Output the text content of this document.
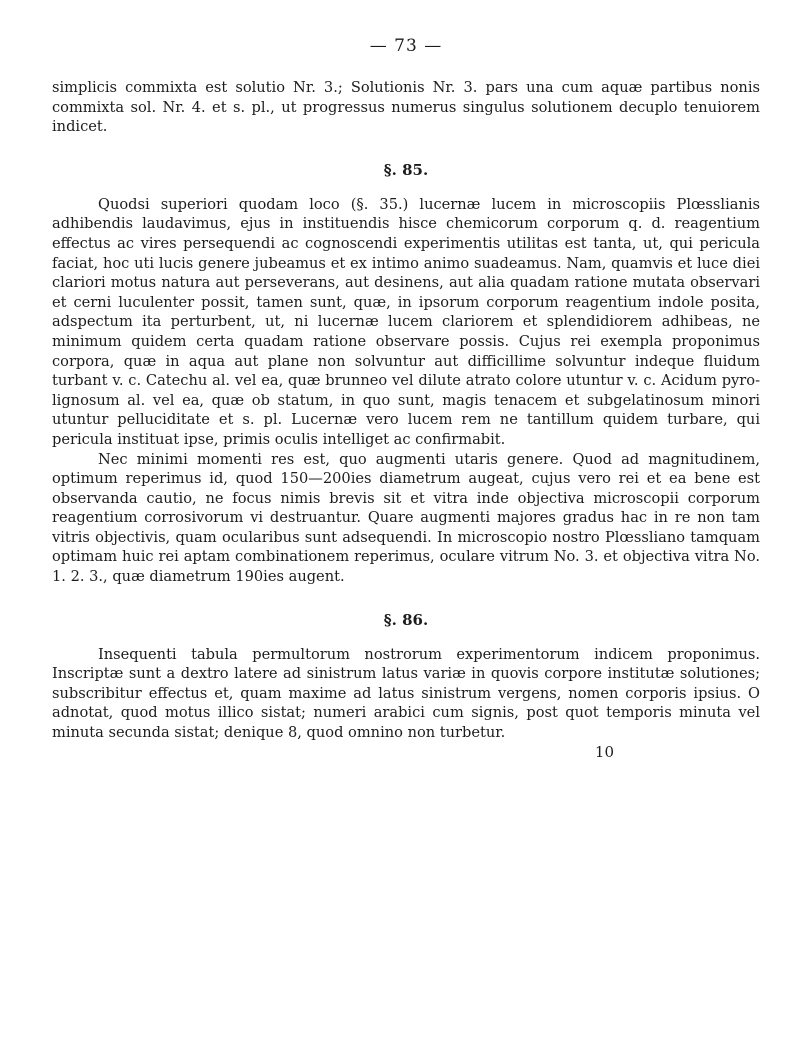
— 73 —

simplicis commixta est solutio Nr. 3.; Solutionis Nr. 3. pars una cum aquæ partibus nonis commixta sol. Nr. 4. et s. pl., ut progressus numerus singulus solutionem decuplo tenuiorem indicet.

§. 85.

Quodsi superiori quodam loco (§. 35.) lucernæ lucem in microscopiis Plœsslianis adhibendis laudavimus, ejus in instituendis hisce chemicorum corporum q. d. reagentium effectus ac vires persequendi ac cognoscendi experimentis utilitas est tanta, ut, qui pericula faciat, hoc uti lucis genere jubeamus et ex intimo animo suadeamus. Nam, quamvis et luce diei clariori motus natura aut perseverans, aut desinens, aut alia quadam ratione mutata observari et cerni luculenter possit, tamen sunt, quæ, in ipsorum corporum reagentium indole posita, adspectum ita perturbent, ut, ni lucernæ lucem clariorem et splendidiorem adhibeas, ne minimum quidem certa quadam ratione observare possis. Cujus rei exempla proponimus corpora, quæ in aqua aut plane non solvuntur aut difficillime solvuntur indeque fluidum turbant v. c. Catechu al. vel ea, quæ brunneo vel dilute atrato colore utuntur v. c. Acidum pyro-lignosum al. vel ea, quæ ob statum, in quo sunt, magis tenacem et subgelatinosum minori utuntur pelluciditate et s. pl. Lucernæ vero lucem rem ne tantillum quidem turbare, qui pericula instituat ipse, primis oculis intelliget ac confirmabit.

Nec minimi momenti res est, quo augmenti utaris genere. Quod ad magnitudinem, optimum reperimus id, quod 150—200ies diametrum augeat, cujus vero rei et ea bene est observanda cautio, ne focus nimis brevis sit et vitra inde objectiva microscopii corporum reagentium corrosivorum vi destruantur. Quare augmenti majores gradus hac in re non tam vitris objectivis, quam ocularibus sunt adsequendi. In microscopio nostro Plœssliano tamquam optimam huic rei aptam combinationem reperimus, oculare vitrum No. 3. et objectiva vitra No. 1. 2. 3., quæ diametrum 190ies augent.

§. 86.

Insequenti tabula permultorum nostrorum experimentorum indicem proponimus. Inscriptæ sunt a dextro latere ad sinistrum latus variæ in quovis corpore institutæ solutiones; subscribitur effectus et, quam maxime ad latus sinistrum vergens, nomen corporis ipsius. O adnotat, quod motus illico sistat; numeri arabici cum signis, post quot temporis minuta vel minuta secunda sistat; denique 8, quod omnino non turbetur.

10
